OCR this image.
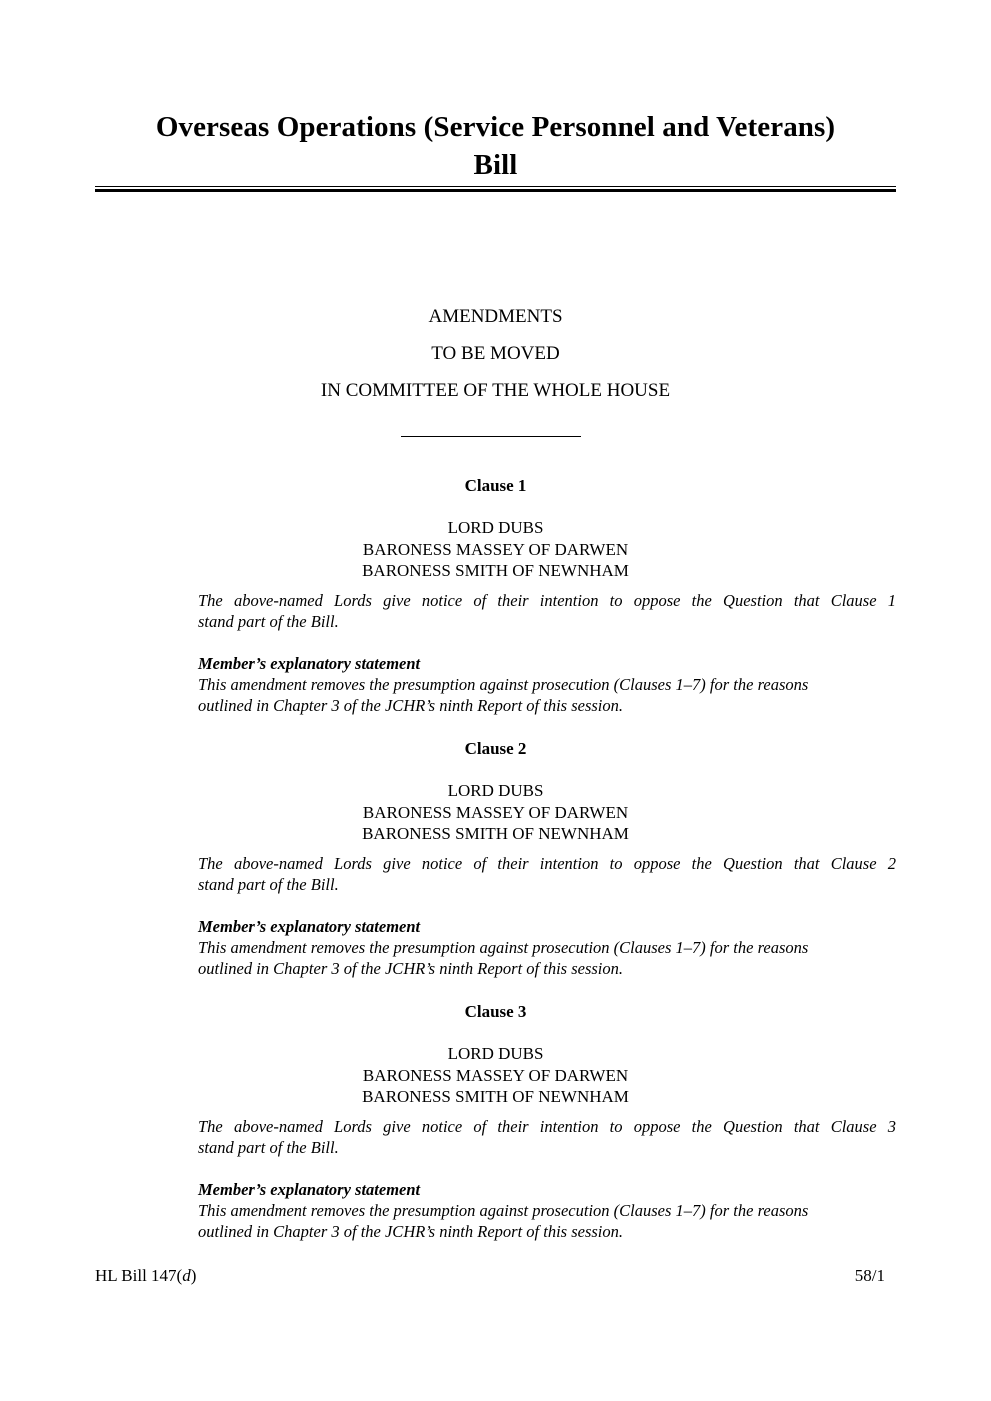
Overseas Operations (Service Personnel and Veterans)
Bill
AMENDMENTS
TO BE MOVED
IN COMMITTEE OF THE WHOLE HOUSE
Clause 1
LORD DUBS
BARONESS MASSEY OF DARWEN
BARONESS SMITH OF NEWNHAM
The above-named Lords give notice of their intention to oppose the Question that Clause 1
stand part of the Bill.
Member’s explanatory statement
This amendment removes the presumption against prosecution (Clauses 1–7) for the reasons
outlined in Chapter 3 of the JCHR’s ninth Report of this session.
Clause 2
LORD DUBS
BARONESS MASSEY OF DARWEN
BARONESS SMITH OF NEWNHAM
The above-named Lords give notice of their intention to oppose the Question that Clause 2
stand part of the Bill.
Member’s explanatory statement
This amendment removes the presumption against prosecution (Clauses 1–7) for the reasons
outlined in Chapter 3 of the JCHR’s ninth Report of this session.
Clause 3
LORD DUBS
BARONESS MASSEY OF DARWEN
BARONESS SMITH OF NEWNHAM
The above-named Lords give notice of their intention to oppose the Question that Clause 3
stand part of the Bill.
Member’s explanatory statement
This amendment removes the presumption against prosecution (Clauses 1–7) for the reasons
outlined in Chapter 3 of the JCHR’s ninth Report of this session.
HL Bill 147(d)	58/1
